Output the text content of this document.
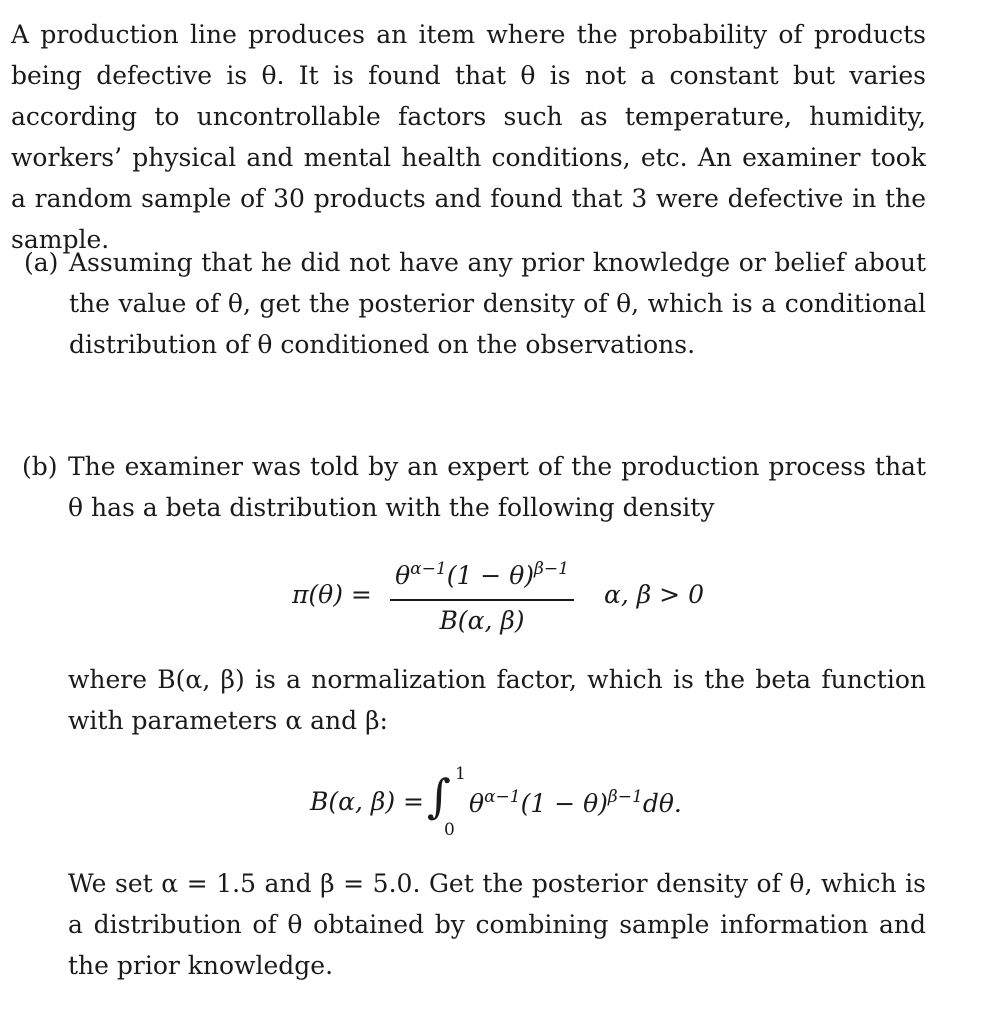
A production line produces an item where the probability of products being defective is θ. It is found that θ is not a constant but varies according to uncontrollable factors such as temperature, humidity, workers’ physical and mental health conditions, etc. An examiner took a random sample of 30 products and found that 3 were defective in the sample.

(a) Assuming that he did not have any prior knowledge or belief about the value of θ, get the posterior density of θ, which is a conditional distribution of θ conditioned on the observations.

(b) The examiner was told by an expert of the production process that θ has a beta distribution with the following density

π(θ) =
$\theta^{\alpha-1}(1 - \theta)^{\beta-1}$
B(α, β)
α, β > 0

where B(α, β) is a normalization factor, which is the beta function with parameters α and β:

B(α, β) = ∫ 1
0
$\theta^{\alpha-1}(1 - \theta)^{\beta-1}d\theta$.

We set α = 1.5 and β = 5.0. Get the posterior density of θ, which is a distribution of θ obtained by combining sample information and the prior knowledge.
